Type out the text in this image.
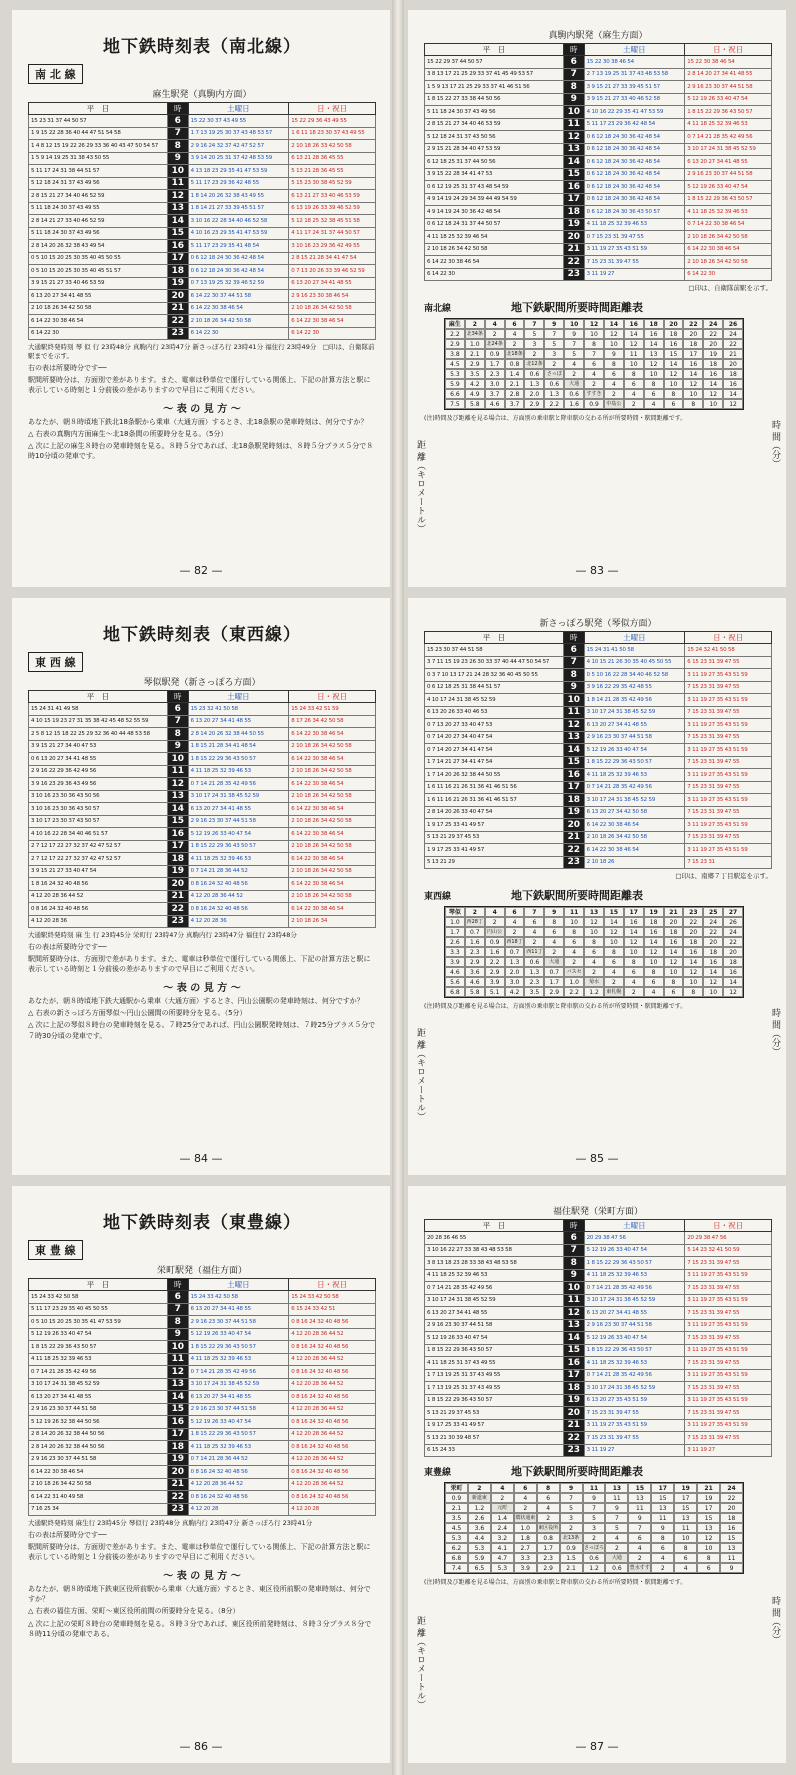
地下鉄時刻表（南北線）
南 北 線
麻生駅発（真駒内方面）
平　日	時	土曜日	日・祝日
15 23 31 37 44 50 57	6	15 22 30 37 43 49 55	15 22 29 36 43 49 55
1 9 15 22 28 36 40 44 47 51 54 58	7	1 7 13 19 25 30 37 43 48 53 57	1 6 11 18 23 30 37 43 49 55
1 4 8 12 15 19 22 26 29 33 36 40 43 47 50 54 57	8	2 9 16 24 32 37 42 47 52 57	2 10 18 26 33 42 50 58
1 5 9 14 19 25 31 38 43 50 55	9	3 9 14 20 25 31 37 42 48 53 59	6 13 21 28 36 45 55
5 11 17 24 31 38 44 51 57	10	4 13 18 23 29 35 41 47 53 59	5 13 21 28 36 45 55
5 12 18 24 31 37 43 49 56	11	5 11 17 23 29 36 42 48 55	5 15 23 30 38 45 52 59
2 8 15 21 27 34 40 46 52 59	12	1 8 14 20 26 32 38 43 49 55	6 13 21 27 33 40 46 53 59
5 11 18 24 30 37 43 49 55	13	1 8 14 21 27 33 39 45 51 57	6 13 19 26 33 39 46 52 59
2 8 14 21 27 33 40 46 52 59	14	3 10 16 22 28 34 40 46 52 58	5 12 18 25 32 38 45 51 58
5 11 18 24 30 37 43 49 56	15	4 10 16 23 29 35 41 47 53 59	4 11 17 24 31 37 44 50 57
2 8 14 20 26 32 38 43 49 54	16	5 11 17 23 29 35 41 48 54	3 10 16 23 29 36 42 49 55
0 5 10 15 20 25 30 35 40 45 50 55	17	0 6 12 18 24 30 36 42 48 54	2 8 15 21 28 34 41 47 54
0 5 10 15 20 25 30 35 40 45 51 57	18	0 6 12 18 24 30 36 42 48 54	0 7 13 20 26 33 39 46 52 59
3 9 15 21 27 33 40 46 53 59	19	0 7 13 19 25 32 39 46 52 59	6 13 20 27 34 41 48 55
6 13 20 27 34 41 48 55	20	6 14 22 30 37 44 51 58	2 9 16 23 30 38 46 54
2 10 18 26 34 42 50 58	21	6 14 22 30 38 46 54	2 10 18 26 34 42 50 58
6 14 22 30 38 46 54	22	2 10 18 26 34 42 50 58	6 14 22 30 38 46 54
6 14 22 30	23	6 14 22 30	6 14 22 30
大通駅終発時刻 琴 似 行 23時48分 真駒内行 23時47分 新さっぽろ行 23時41分 福住行 23時49分　□印は、自衛隊前駅までを示す。
右の表は所要時分です──
駅間所要時分は、方面別で差があります。また、電車は秒単位で運行している関係上、下記の計算方法と駅に表示している時刻と１分前後の差がありますので早目にご利用ください。
〜 表 の 見 方 〜
あなたが、朝８時頃地下鉄北18条駅から乗車（大通方面）するとき、北18条駅の発車時刻は、何分ですか？
△ 右表の真駒内方面麻生〜北18条間の所要時分を見る。（5分）
△ 次に上記の麻生８時台の発車時刻を見る。８時５分であれば、北18条駅発時刻は、８時５分プラス５分で８時10分頃の発車です。
— 82 —
真駒内駅発（麻生方面）
平　日	時	土曜日	日・祝日
15 22 29 37 44 50 57	6	15 22 30 38 46 54	15 22 30 38 46 54
3 8 13 17 21 25 29 33 37 41 45 49 53 57	7	2 7 13 19 25 31 37 43 48 53 58	2 8 14 20 27 34 41 48 55
1 5 9 13 17 21 25 29 33 37 41 46 51 56	8	3 9 15 21 27 33 39 45 51 57	2 9 16 23 30 37 44 51 58
1 8 15 22 27 33 38 44 50 56	9	3 9 15 21 27 33 40 46 52 58	5 12 19 26 33 40 47 54
5 11 18 24 30 37 43 49 56	10	4 10 16 22 29 35 41 47 53 59	1 8 15 22 29 36 43 50 57
2 8 15 21 27 34 40 46 53 59	11	5 11 17 23 29 36 42 48 54	4 11 18 25 32 39 46 53
5 12 18 24 31 37 43 50 56	12	0 6 12 18 24 30 36 42 48 54	0 7 14 21 28 35 42 49 56
2 9 15 21 28 34 40 47 53 59	13	0 6 12 18 24 30 36 42 48 54	3 10 17 24 31 38 45 52 59
6 12 18 25 31 37 44 50 56	14	0 6 12 18 24 30 36 42 48 54	6 13 20 27 34 41 48 55
3 9 15 22 28 34 41 47 53	15	0 6 12 18 24 30 36 42 48 54	2 9 16 23 30 37 44 51 58
0 6 12 19 25 31 37 43 48 54 59	16	0 6 12 18 24 30 36 42 48 54	5 12 19 26 33 40 47 54
4 9 14 19 24 29 34 39 44 49 54 59	17	0 6 12 18 24 30 36 42 48 54	1 8 15 22 29 36 43 50 57
4 9 14 19 24 30 36 42 48 54	18	0 6 12 18 24 30 36 43 50 57	4 11 18 25 32 39 46 53
0 6 12 18 24 31 37 44 50 57	19	4 11 18 25 32 39 46 53	0 7 14 22 30 38 46 54
4 11 18 25 32 39 46 54	20	0 7 15 23 31 39 47 55	2 10 18 26 34 42 50 58
2 10 18 26 34 42 50 58	21	3 11 19 27 35 43 51 59	6 14 22 30 38 46 54
6 14 22 30 38 46 54	22	7 15 23 31 39 47 55	2 10 18 26 34 42 50 58
6 14 22 30	23	3 11 19 27	6 14 22 30
□印は、自衛隊前駅を示す。
南北線	地下鉄駅間所要時間距離表
麻生	2	4	6	7	9	10	12	14	16	18	20	22	24	26
2.2	北34条	2	4	5	7	9	10	12	14	16	18	20	22	24
2.9	1.0	北24条	2	3	5	7	8	10	12	14	16	18	20	22
3.8	2.1	0.9	北18条	2	3	5	7	9	11	13	15	17	19	21
4.5	2.9	1.7	0.8	北12条	2	4	6	8	10	12	14	16	18	20
5.3	3.5	2.3	1.4	0.6	さっぽ	2	4	6	8	10	12	14	16	18
5.9	4.2	3.0	2.1	1.3	0.6	大通	2	4	6	8	10	12	14	16
6.6	4.9	3.7	2.8	2.0	1.3	0.6	すすき	2	4	6	8	10	12	14
7.5	5.8	4.6	3.7	2.9	2.2	1.6	0.9	中島公	2	4	6	8	10	12
距 離（キロメートル）	時 間（分）
(注)時間及び距離を見る場合は、方面別の乗車駅と降車駅の交わる所が所要時間・駅間距離です。
— 83 —
地下鉄時刻表（東西線）
東 西 線
琴似駅発（新さっぽろ方面）
平　日	時	土曜日	日・祝日
15 24 31 41 49 58	6	15 23 32 41 50 58	15 24 33 42 51 59
4 10 15 19 23 27 31 35 38 42 45 48 52 55 59	7	6 13 20 27 34 41 48 55	8 17 26 34 42 50 58
2 5 8 12 15 18 22 25 29 32 36 40 44 48 53 58	8	2 8 14 20 26 32 38 44 50 55	6 14 22 30 38 46 54
3 9 15 21 27 34 40 47 53	9	1 8 15 21 28 34 41 48 54	2 10 18 26 34 42 50 58
0 6 13 20 27 34 41 48 55	10	1 8 15 22 29 36 43 50 57	6 14 22 30 38 46 54
2 9 16 22 29 36 42 49 56	11	4 11 18 25 32 39 46 53	2 10 18 26 34 42 50 58
3 9 16 23 29 36 43 49 56	12	0 7 14 21 28 35 42 49 56	6 14 22 30 38 46 54
3 10 16 23 30 36 43 50 56	13	3 10 17 24 31 38 45 52 59	2 10 18 26 34 42 50 58
3 10 16 23 30 36 43 50 57	14	6 13 20 27 34 41 48 55	6 14 22 30 38 46 54
3 10 17 23 30 37 43 50 57	15	2 9 16 23 30 37 44 51 58	2 10 18 26 34 42 50 58
4 10 16 22 28 34 40 46 51 57	16	5 12 19 26 33 40 47 54	6 14 22 30 38 46 54
2 7 12 17 22 27 32 37 42 47 52 57	17	1 8 15 22 29 36 43 50 57	2 10 18 26 34 42 50 58
2 7 12 17 22 27 32 37 42 47 52 57	18	4 11 18 25 32 39 46 53	6 14 22 30 38 46 54
3 9 15 21 27 33 40 47 54	19	0 7 14 21 28 36 44 52	2 10 18 26 34 42 50 58
1 8 16 24 32 40 48 56	20	0 8 16 24 32 40 48 56	6 14 22 30 38 46 54
4 12 20 28 36 44 52	21	4 12 20 28 36 44 52	2 10 18 26 34 42 50 58
0 8 16 24 32 40 48 56	22	0 8 16 24 32 40 48 56	6 14 22 30 38 46 54
4 12 20 28 36	23	4 12 20 28 36	2 10 18 26 34
大通駅終発時刻 麻 生 行 23時45分 栄町行 23時47分 真駒内行 23時47分 福住行 23時48分
右の表は所要時分です──
駅間所要時分は、方面別で差があります。また、電車は秒単位で運行している関係上、下記の計算方法と駅に表示している時刻と１分前後の差がありますので早目にご利用ください。
〜 表 の 見 方 〜
あなたが、朝８時頃地下鉄大通駅から乗車（大通方面）するとき、円山公園駅の発車時刻は、何分ですか？
△ 右表の新さっぽろ方面琴似〜円山公園間の所要時分を見る。（5分）
△ 次に上記の琴似８時台の発車時刻を見る。７時25分であれば、円山公園駅発時刻は、７時25分プラス５分で７時30分頃の発車です。
— 84 —
新さっぽろ駅発（琴似方面）
平　日	時	土曜日	日・祝日
15 23 30 37 44 51 58	6	15 24 31 41 50 58	15 24 32 41 50 58
3 7 11 15 19 23 26 30 33 37 40 44 47 50 54 57	7	4 10 15 21 26 30 35 40 45 50 55	6 15 23 31 39 47 55
0 3 7 10 13 17 21 24 28 32 36 40 45 50 55	8	0 5 10 16 22 28 34 40 46 52 58	3 11 19 27 35 43 51 59
0 6 12 18 25 31 38 44 51 57	9	3 9 16 22 29 35 42 48 55	7 15 23 31 39 47 55
4 10 17 24 31 38 45 52 59	10	1 8 14 21 28 35 42 49 56	3 11 19 27 35 43 51 59
6 13 20 26 33 40 46 53	11	3 10 17 24 31 38 45 52 59	7 15 23 31 39 47 55
0 7 13 20 27 33 40 47 53	12	6 13 20 27 34 41 48 55	3 11 19 27 35 43 51 59
0 7 14 20 27 34 40 47 54	13	2 9 16 23 30 37 44 51 58	7 15 23 31 39 47 55
0 7 14 20 27 34 41 47 54	14	5 12 19 26 33 40 47 54	3 11 19 27 35 43 51 59
1 7 14 21 27 34 41 47 54	15	1 8 15 22 29 36 43 50 57	7 15 23 31 39 47 55
1 7 14 20 26 32 38 44 50 55	16	4 11 18 25 32 39 46 53	3 11 19 27 35 43 51 59
1 6 11 16 21 26 31 36 41 46 51 56	17	0 7 14 21 28 35 42 49 56	7 15 23 31 39 47 55
1 6 11 16 21 26 31 36 41 46 51 57	18	3 10 17 24 31 38 45 52 59	3 11 19 27 35 43 51 59
2 8 14 20 26 33 40 47 54	19	6 13 20 27 34 42 50 58	7 15 23 31 39 47 55
1 9 17 25 33 41 49 57	20	6 14 22 30 38 46 54	3 11 19 27 35 43 51 59
5 13 21 29 37 45 53	21	2 10 18 26 34 42 50 58	7 15 23 31 39 47 55
1 9 17 25 33 41 49 57	22	6 14 22 30 38 46 54	3 11 19 27 35 43 51 59
5 13 21 29	23	2 10 18 26	7 15 23 31
□印は、南郷７丁目駅迄を示す。
東西線	地下鉄駅間所要時間距離表
琴似	2	4	6	7	9	11	13	15	17	19	21	23	25	27
1.0	西28丁	2	4	6	8	10	12	14	16	18	20	22	24	26
1.7	0.7	円山公	2	4	6	8	10	12	14	16	18	20	22	24
2.6	1.6	0.9	西18丁	2	4	6	8	10	12	14	16	18	20	22
3.3	2.3	1.6	0.7	西11丁	2	4	6	8	10	12	14	16	18	20
3.9	2.9	2.2	1.3	0.6	大通	2	4	6	8	10	12	14	16	18
4.6	3.6	2.9	2.0	1.3	0.7	バスセ	2	4	6	8	10	12	14	16
5.6	4.6	3.9	3.0	2.3	1.7	1.0	菊水	2	4	6	8	10	12	14
6.8	5.8	5.1	4.2	3.5	2.9	2.2	1.2	東札幌	2	4	6	8	10	12
距 離（キロメートル）	時 間（分）
(注)時間及び距離を見る場合は、方面別の乗車駅と降車駅の交わる所が所要時間・駅間距離です。
— 85 —
地下鉄時刻表（東豊線）
東 豊 線
栄町駅発（福住方面）
平　日	時	土曜日	日・祝日
15 24 33 42 50 58	6	15 24 33 42 50 58	15 24 33 42 50 58
5 11 17 23 29 35 40 45 50 55	7	6 13 20 27 34 41 48 55	6 15 24 33 42 51
0 5 10 15 20 25 30 35 41 47 53 59	8	2 9 16 23 30 37 44 51 58	0 8 16 24 32 40 48 56
5 12 19 26 33 40 47 54	9	5 12 19 26 33 40 47 54	4 12 20 28 36 44 52
1 8 15 22 29 36 43 50 57	10	1 8 15 22 29 36 43 50 57	0 8 16 24 32 40 48 56
4 11 18 25 32 39 46 53	11	4 11 18 25 32 39 46 53	4 12 20 28 36 44 52
0 7 14 21 28 35 42 49 56	12	0 7 14 21 28 35 42 49 56	0 8 16 24 32 40 48 56
3 10 17 24 31 38 45 52 59	13	3 10 17 24 31 38 45 52 59	4 12 20 28 36 44 52
6 13 20 27 34 41 48 55	14	6 13 20 27 34 41 48 55	0 8 16 24 32 40 48 56
2 9 16 23 30 37 44 51 58	15	2 9 16 23 30 37 44 51 58	4 12 20 28 36 44 52
5 12 19 26 32 38 44 50 56	16	5 12 19 26 33 40 47 54	0 8 16 24 32 40 48 56
2 8 14 20 26 32 38 44 50 56	17	1 8 15 22 29 36 43 50 57	4 12 20 28 36 44 52
2 8 14 20 26 32 38 44 50 56	18	4 11 18 25 32 39 46 53	0 8 16 24 32 40 48 56
2 9 16 23 30 37 44 51 58	19	0 7 14 21 28 36 44 52	4 12 20 28 36 44 52
6 14 22 30 38 46 54	20	0 8 16 24 32 40 48 56	0 8 16 24 32 40 48 56
2 10 18 26 34 42 50 58	21	4 12 20 28 36 44 52	4 12 20 28 36 44 52
6 14 22 31 40 49 58	22	0 8 16 24 32 40 48 56	0 8 16 24 32 40 48 56
7 16 25 34	23	4 12 20 28	4 12 20 28
大通駅終発時刻 麻生行 23時45分 琴似行 23時48分 真駒内行 23時47分 新さっぽろ行 23時41分
右の表は所要時分です──
駅間所要時分は、方面別で差があります。また、電車は秒単位で運行している関係上、下記の計算方法と駅に表示している時刻と１分前後の差がありますので早目にご利用ください。
〜 表 の 見 方 〜
あなたが、朝８時頃地下鉄東区役所前駅から乗車（大通方面）するとき、東区役所前駅の発車時刻は、何分ですか？
△ 右表の福住方面、栄町〜東区役所前間の所要時分を見る。（8分）
△ 次に上記の栄町８時台の発車時刻を見る。８時３分であれば、東区役所前発時刻は、８時３分プラス８分で８時11分頃の発車である。
— 86 —
福住駅発（栄町方面）
平　日	時	土曜日	日・祝日
20 28 36 46 55	6	20 29 38 47 56	20 29 38 47 56
3 10 16 22 27 33 38 43 48 53 58	7	5 12 19 26 33 40 47 54	5 14 23 32 41 50 59
3 8 13 18 23 28 33 38 43 48 53 58	8	1 8 15 22 29 36 43 50 57	7 15 23 31 39 47 55
4 11 18 25 32 39 46 53	9	4 11 18 25 32 39 46 53	3 11 19 27 35 43 51 59
0 7 14 21 28 35 42 49 56	10	0 7 14 21 28 35 42 49 56	7 15 23 31 39 47 55
3 10 17 24 31 38 45 52 59	11	3 10 17 24 31 38 45 52 59	3 11 19 27 35 43 51 59
6 13 20 27 34 41 48 55	12	6 13 20 27 34 41 48 55	7 15 23 31 39 47 55
2 9 16 23 30 37 44 51 58	13	2 9 16 23 30 37 44 51 58	3 11 19 27 35 43 51 59
5 12 19 26 33 40 47 54	14	5 12 19 26 33 40 47 54	7 15 23 31 39 47 55
1 8 15 22 29 36 43 50 57	15	1 8 15 22 29 36 43 50 57	3 11 19 27 35 43 51 59
4 11 18 25 31 37 43 49 55	16	4 11 18 25 32 39 46 53	7 15 23 31 39 47 55
1 7 13 19 25 31 37 43 49 55	17	0 7 14 21 28 35 42 49 56	3 11 19 27 35 43 51 59
1 7 13 19 25 31 37 43 49 55	18	3 10 17 24 31 38 45 52 59	7 15 23 31 39 47 55
1 8 15 22 29 36 43 50 57	19	6 13 20 27 35 43 51 59	3 11 19 27 35 43 51 59
5 13 21 29 37 45 53	20	7 15 23 31 39 47 55	7 15 23 31 39 47 55
1 9 17 25 33 41 49 57	21	3 11 19 27 35 43 51 59	3 11 19 27 35 43 51 59
5 13 21 30 39 48 57	22	7 15 23 31 39 47 55	7 15 23 31 39 47 55
6 15 24 33	23	3 11 19 27	3 11 19 27
東豊線	地下鉄駅間所要時間距離表
栄町	2	4	6	8	9	11	13	15	17	19	21	24
0.9	新道東	2	4	6	7	9	11	13	15	17	19	22
2.1	1.2	元町	2	4	5	7	9	11	13	15	17	20
3.5	2.6	1.4	環状通東	2	3	5	7	9	11	13	15	18
4.5	3.6	2.4	1.0	東区役所	2	3	5	7	9	11	13	16
5.3	4.4	3.2	1.8	0.8	北13条	2	4	6	8	10	12	15
6.2	5.3	4.1	2.7	1.7	0.9	さっぽろ	2	4	6	8	10	13
6.8	5.9	4.7	3.3	2.3	1.5	0.6	大通	2	4	6	8	11
7.4	6.5	5.3	3.9	2.9	2.1	1.2	0.6	豊水すす	2	4	6	9
距 離（キロメートル）	時 間（分）
(注)時間及び距離を見る場合は、方面別の乗車駅と降車駅の交わる所が所要時間・駅間距離です。
— 87 —
